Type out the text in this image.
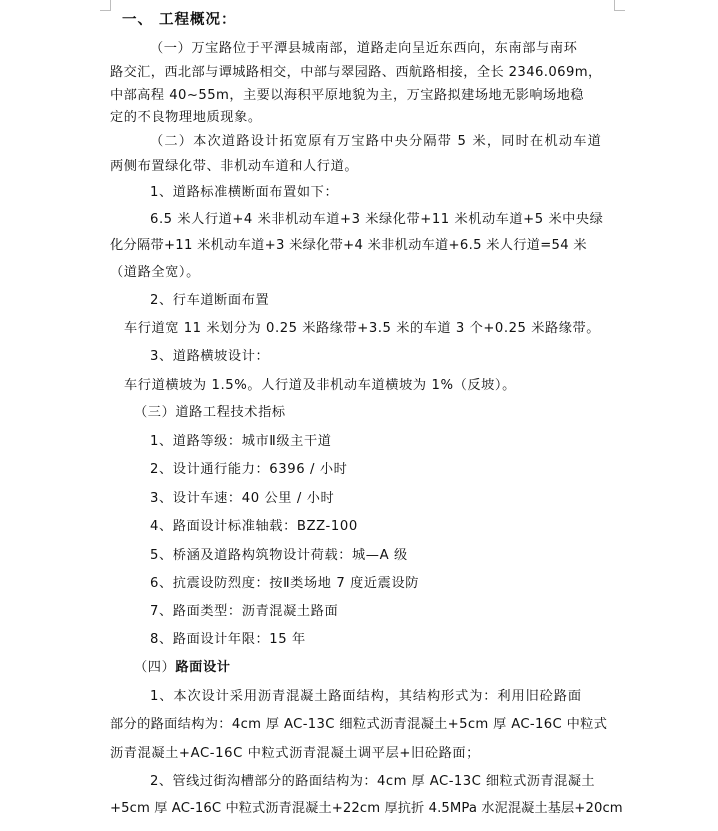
一、 工程概况：
（一）万宝路位于平潭县城南部，道路走向呈近东西向，东南部与南环
路交汇，西北部与谭城路相交，中部与翠园路、西航路相接，全长 2346.069m，
中部高程 40~55m，主要以海积平原地貌为主，万宝路拟建场地无影响场地稳
定的不良物理地质现象。
（二）本次道路设计拓宽原有万宝路中央分隔带 5 米，同时在机动车道
两侧布置绿化带、非机动车道和人行道。
1、道路标准横断面布置如下：
6.5 米人行道+4 米非机动车道+3 米绿化带+11 米机动车道+5 米中央绿
化分隔带+11 米机动车道+3 米绿化带+4 米非机动车道+6.5 米人行道=54 米
（道路全宽）。
2、行车道断面布置
车行道宽 11 米划分为 0.25 米路缘带+3.5 米的车道 3 个+0.25 米路缘带。
3、道路横坡设计：
车行道横坡为 1.5%。人行道及非机动车道横坡为 1%（反坡）。
（三）道路工程技术指标
1、道路等级：城市Ⅱ级主干道
2、设计通行能力：6396 / 小时
3、设计车速：40 公里 / 小时
4、路面设计标准轴载：BZZ-100
5、桥涵及道路构筑物设计荷载：城—A 级
6、抗震设防烈度：按Ⅱ类场地 7 度近震设防
7、路面类型：沥青混凝土路面
8、路面设计年限：15 年
（四）路面设计
1、本次设计采用沥青混凝土路面结构，其结构形式为：利用旧砼路面
部分的路面结构为：4cm 厚 AC-13C 细粒式沥青混凝土+5cm 厚 AC-16C 中粒式
沥青混凝土+AC-16C 中粒式沥青混凝土调平层+旧砼路面；
2、管线过街沟槽部分的路面结构为：4cm 厚 AC-13C 细粒式沥青混凝土
+5cm 厚 AC-16C 中粒式沥青混凝土+22cm 厚抗折 4.5MPa 水泥混凝土基层+20cm
